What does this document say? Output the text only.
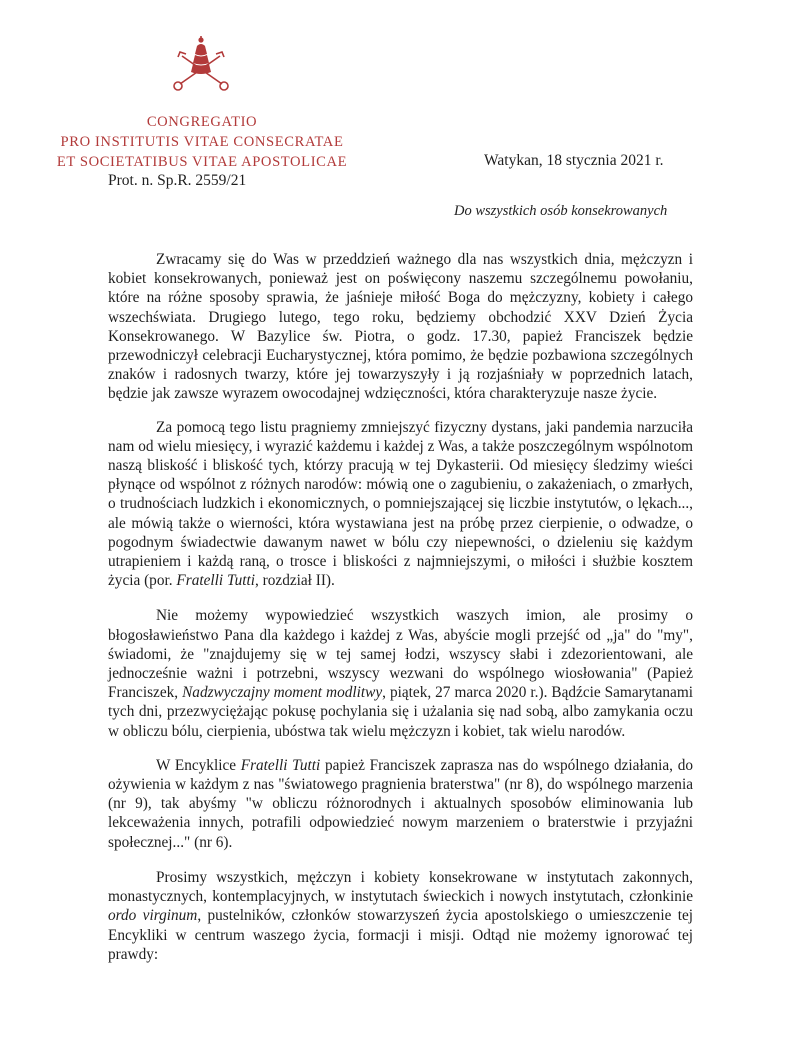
CONGREGATIO
PRO INSTITUTIS VITAE CONSECRATAE
ET SOCIETATIBUS VITAE APOSTOLICAE
Prot. n. Sp.R. 2559/21
Watykan, 18 stycznia 2021 r.
Do wszystkich osób konsekrowanych

Zwracamy się do Was w przeddzień ważnego dla nas wszystkich dnia, mężczyzn i kobiet konsekrowanych, ponieważ jest on poświęcony naszemu szczególnemu powołaniu, które na różne sposoby sprawia, że jaśnieje miłość Boga do mężczyzny, kobiety i całego wszechświata. Drugiego lutego, tego roku, będziemy obchodzić XXV Dzień Życia Konsekrowanego. W Bazylice św. Piotra, o godz. 17.30, papież Franciszek będzie przewodniczył celebracji Eucharystycznej, która pomimo, że będzie pozbawiona szczególnych znaków i radosnych twarzy, które jej towarzyszyły i ją rozjaśniały w poprzednich latach, będzie jak zawsze wyrazem owocodajnej wdzięczności, która charakteryzuje nasze życie.

Za pomocą tego listu pragniemy zmniejszyć fizyczny dystans, jaki pandemia narzuciła nam od wielu miesięcy, i wyrazić każdemu i każdej z Was, a także poszczególnym wspólnotom naszą bliskość i bliskość tych, którzy pracują w tej Dykasterii. Od miesięcy śledzimy wieści płynące od wspólnot z różnych narodów: mówią one o zagubieniu, o zakażeniach, o zmarłych, o trudnościach ludzkich i ekonomicznych, o pomniejszającej się liczbie instytutów, o lękach..., ale mówią także o wierności, która wystawiana jest na próbę przez cierpienie, o odwadze, o pogodnym świadectwie dawanym nawet w bólu czy niepewności, o dzieleniu się każdym utrapieniem i każdą raną, o trosce i bliskości z najmniejszymi, o miłości i służbie kosztem życia (por. Fratelli Tutti, rozdział II).

Nie możemy wypowiedzieć wszystkich waszych imion, ale prosimy o błogosławieństwo Pana dla każdego i każdej z Was, abyście mogli przejść od „ja" do "my", świadomi, że "znajdujemy się w tej samej łodzi, wszyscy słabi i zdezorientowani, ale jednocześnie ważni i potrzebni, wszyscy wezwani do wspólnego wiosłowania" (Papież Franciszek, Nadzwyczajny moment modlitwy, piątek, 27 marca 2020 r.). Bądźcie Samarytanami tych dni, przezwyciężając pokusę pochylania się i użalania się nad sobą, albo zamykania oczu w obliczu bólu, cierpienia, ubóstwa tak wielu mężczyzn i kobiet, tak wielu narodów.

W Encyklice Fratelli Tutti papież Franciszek zaprasza nas do wspólnego działania, do ożywienia w każdym z nas "światowego pragnienia braterstwa" (nr 8), do wspólnego marzenia (nr 9), tak abyśmy "w obliczu różnorodnych i aktualnych sposobów eliminowania lub lekceważenia innych, potrafili odpowiedzieć nowym marzeniem o braterstwie i przyjaźni społecznej..." (nr 6).

Prosimy wszystkich, mężczyn i kobiety konsekrowane w instytutach zakonnych, monastycznych, kontemplacyjnych, w instytutach świeckich i nowych instytutach, członkinie ordo virginum, pustelników, członków stowarzyszeń życia apostolskiego o umieszczenie tej Encykliki w centrum waszego życia, formacji i misji. Odtąd nie możemy ignorować tej prawdy:
